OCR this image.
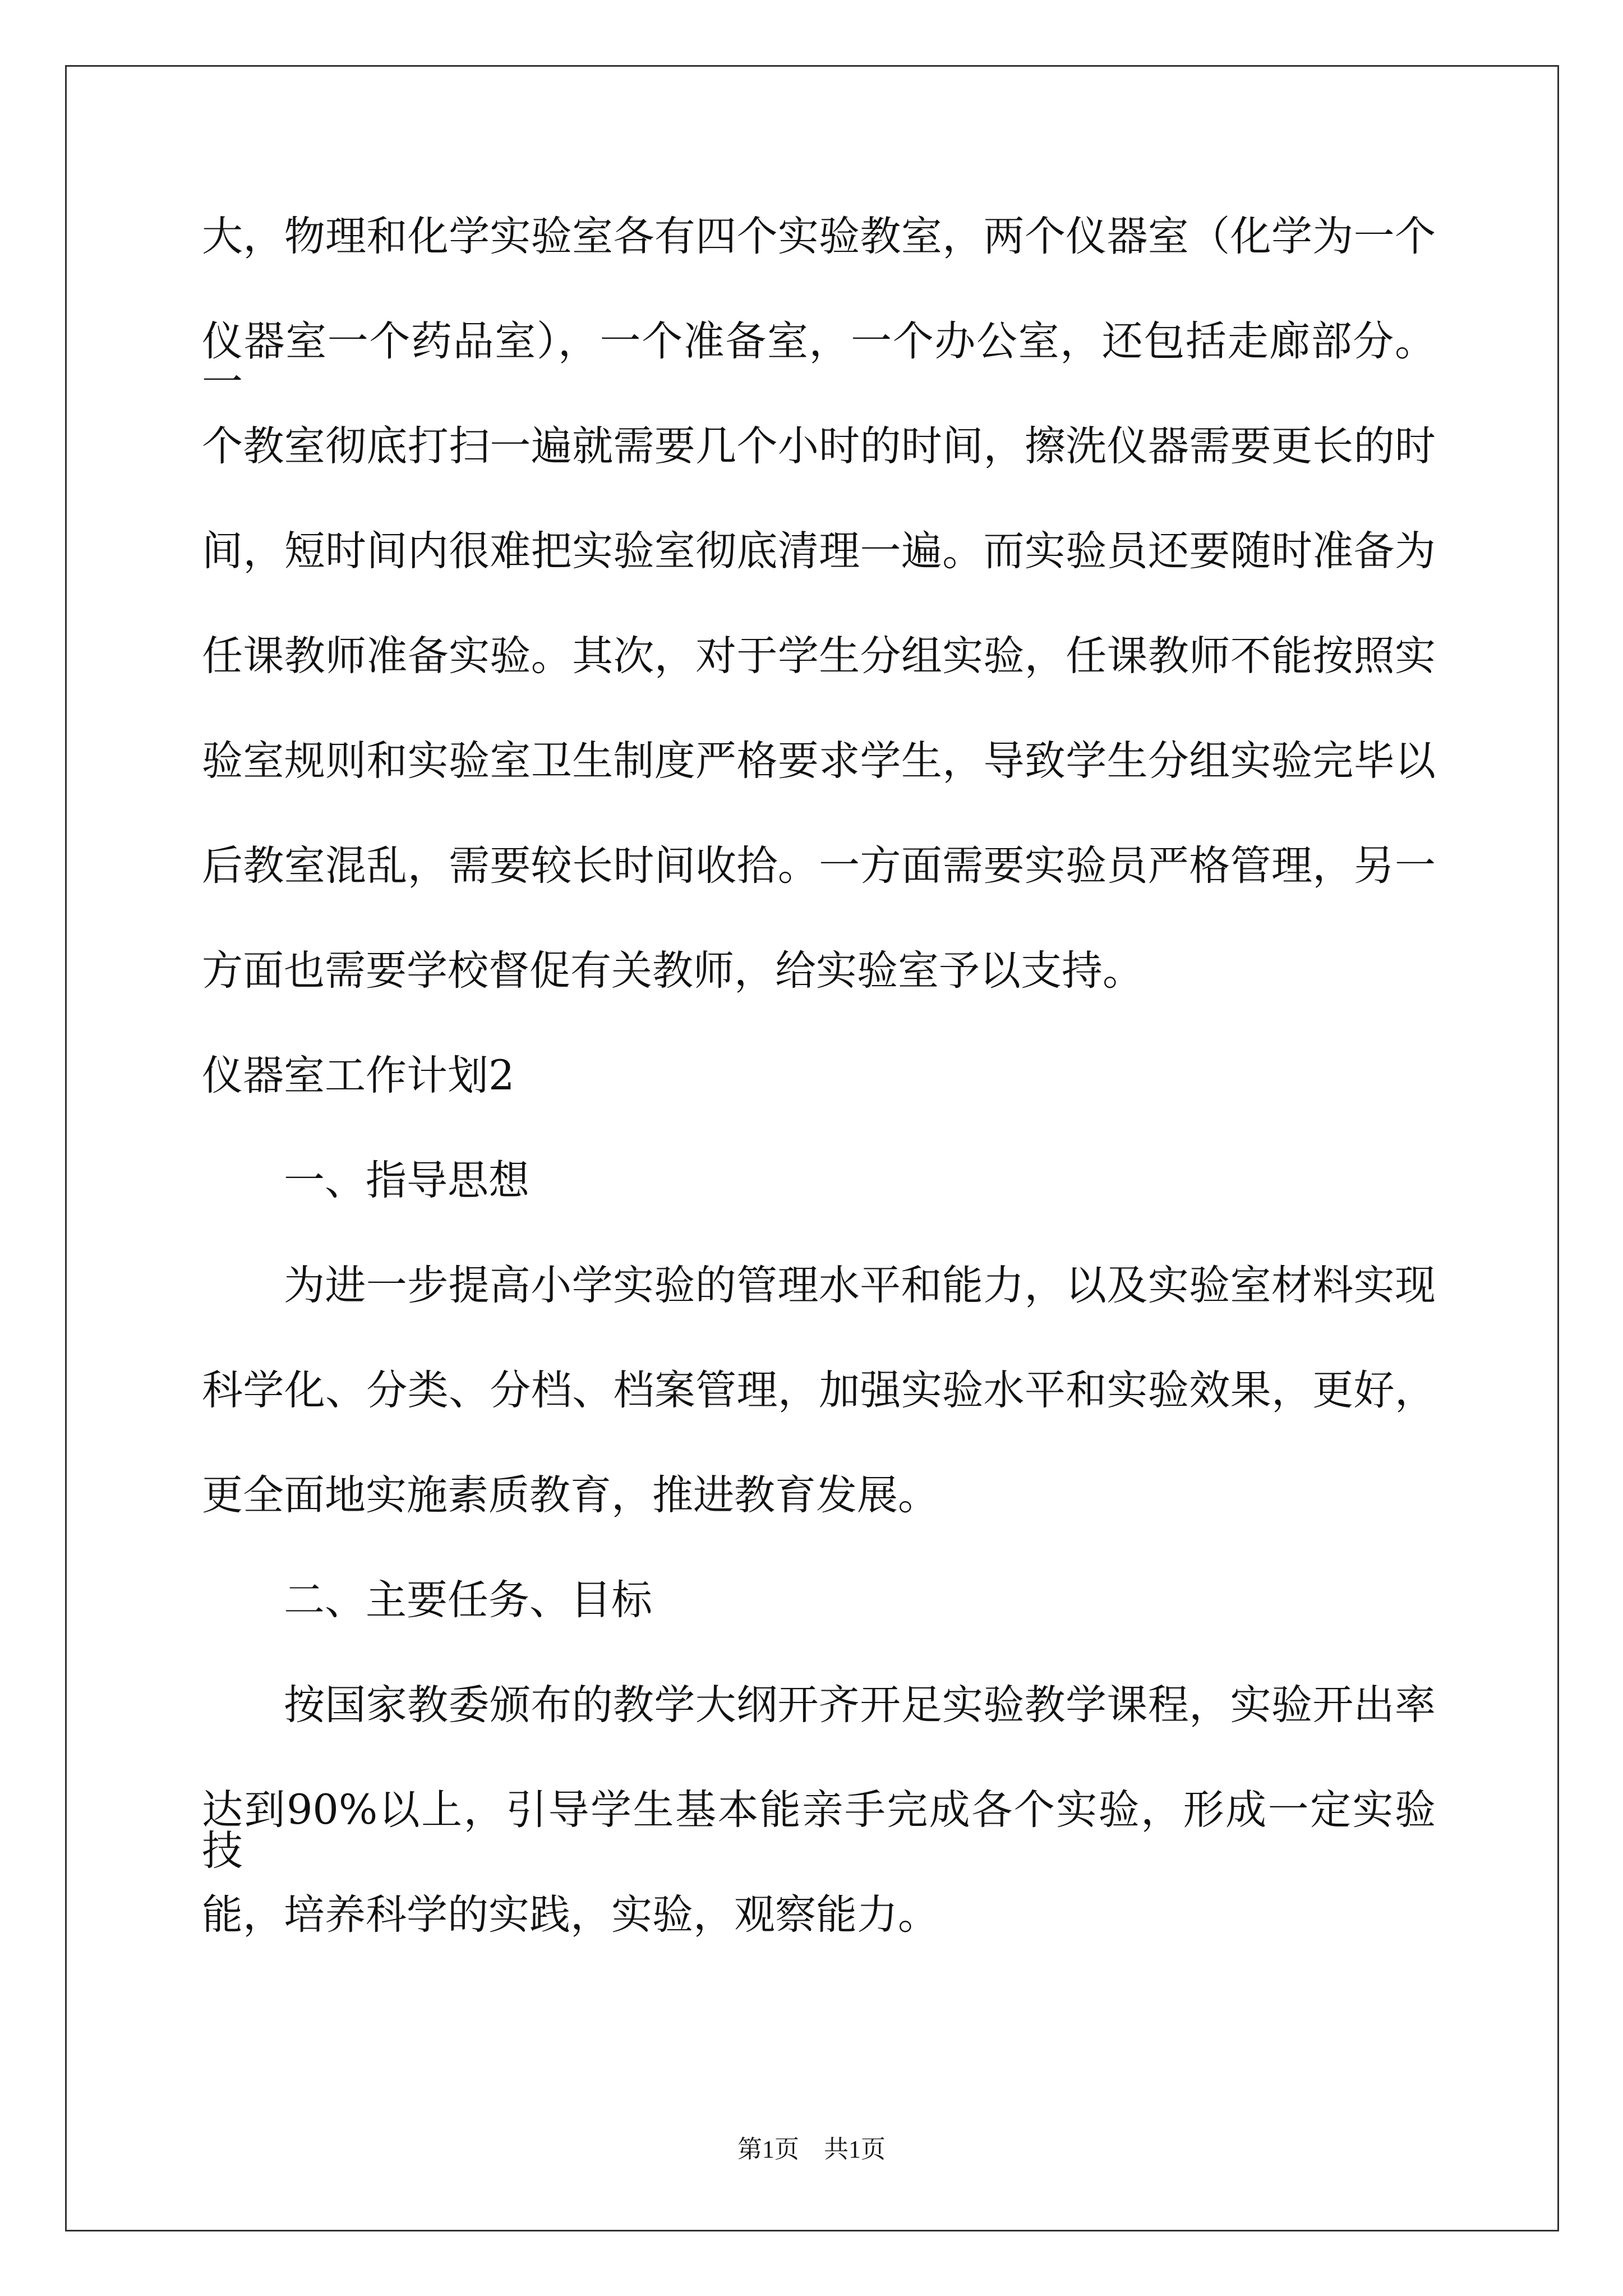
大，物理和化学实验室各有四个实验教室，两个仪器室（化学为一个
仪器室一个药品室），一个准备室，一个办公室，还包括走廊部分。一
个教室彻底打扫一遍就需要几个小时的时间，擦洗仪器需要更长的时
间，短时间内很难把实验室彻底清理一遍。而实验员还要随时准备为
任课教师准备实验。其次，对于学生分组实验，任课教师不能按照实
验室规则和实验室卫生制度严格要求学生，导致学生分组实验完毕以
后教室混乱，需要较长时间收拾。一方面需要实验员严格管理，另一
方面也需要学校督促有关教师，给实验室予以支持。
仪器室工作计划2
一、指导思想
为进一步提高小学实验的管理水平和能力，以及实验室材料实现
科学化、分类、分档、档案管理，加强实验水平和实验效果，更好，
更全面地实施素质教育，推进教育发展。
二、主要任务、目标
按国家教委颁布的教学大纲开齐开足实验教学课程，实验开出率
达到90%以上，引导学生基本能亲手完成各个实验，形成一定实验技
能，培养科学的实践，实验，观察能力。
第1页 共1页
